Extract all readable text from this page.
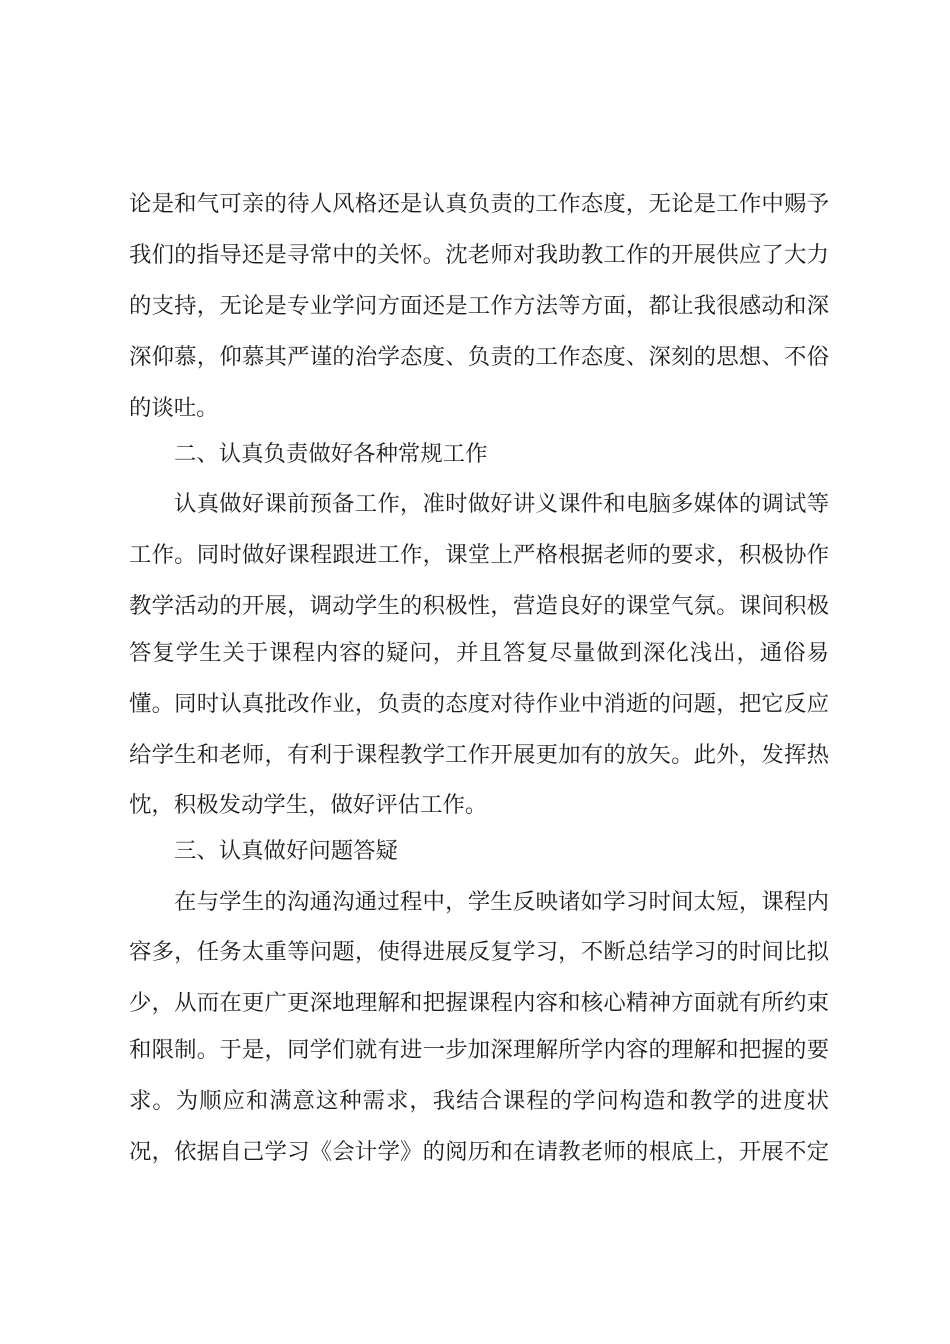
论是和气可亲的待人风格还是认真负责的工作态度，无论是工作中赐予
我们的指导还是寻常中的关怀。沈老师对我助教工作的开展供应了大力
的支持，无论是专业学问方面还是工作方法等方面，都让我很感动和深
深仰慕，仰慕其严谨的治学态度、负责的工作态度、深刻的思想、不俗
的谈吐。
二、认真负责做好各种常规工作
认真做好课前预备工作，准时做好讲义课件和电脑多媒体的调试等
工作。同时做好课程跟进工作，课堂上严格根据老师的要求，积极协作
教学活动的开展，调动学生的积极性，营造良好的课堂气氛。课间积极
答复学生关于课程内容的疑问，并且答复尽量做到深化浅出，通俗易
懂。同时认真批改作业，负责的态度对待作业中消逝的问题，把它反应
给学生和老师，有利于课程教学工作开展更加有的放矢。此外，发挥热
忱，积极发动学生，做好评估工作。
三、认真做好问题答疑
在与学生的沟通沟通过程中，学生反映诸如学习时间太短，课程内
容多，任务太重等问题，使得进展反复学习，不断总结学习的时间比拟
少，从而在更广更深地理解和把握课程内容和核心精神方面就有所约束
和限制。于是，同学们就有进一步加深理解所学内容的理解和把握的要
求。为顺应和满意这种需求，我结合课程的学问构造和教学的进度状
况，依据自己学习《会计学》的阅历和在请教老师的根底上，开展不定
